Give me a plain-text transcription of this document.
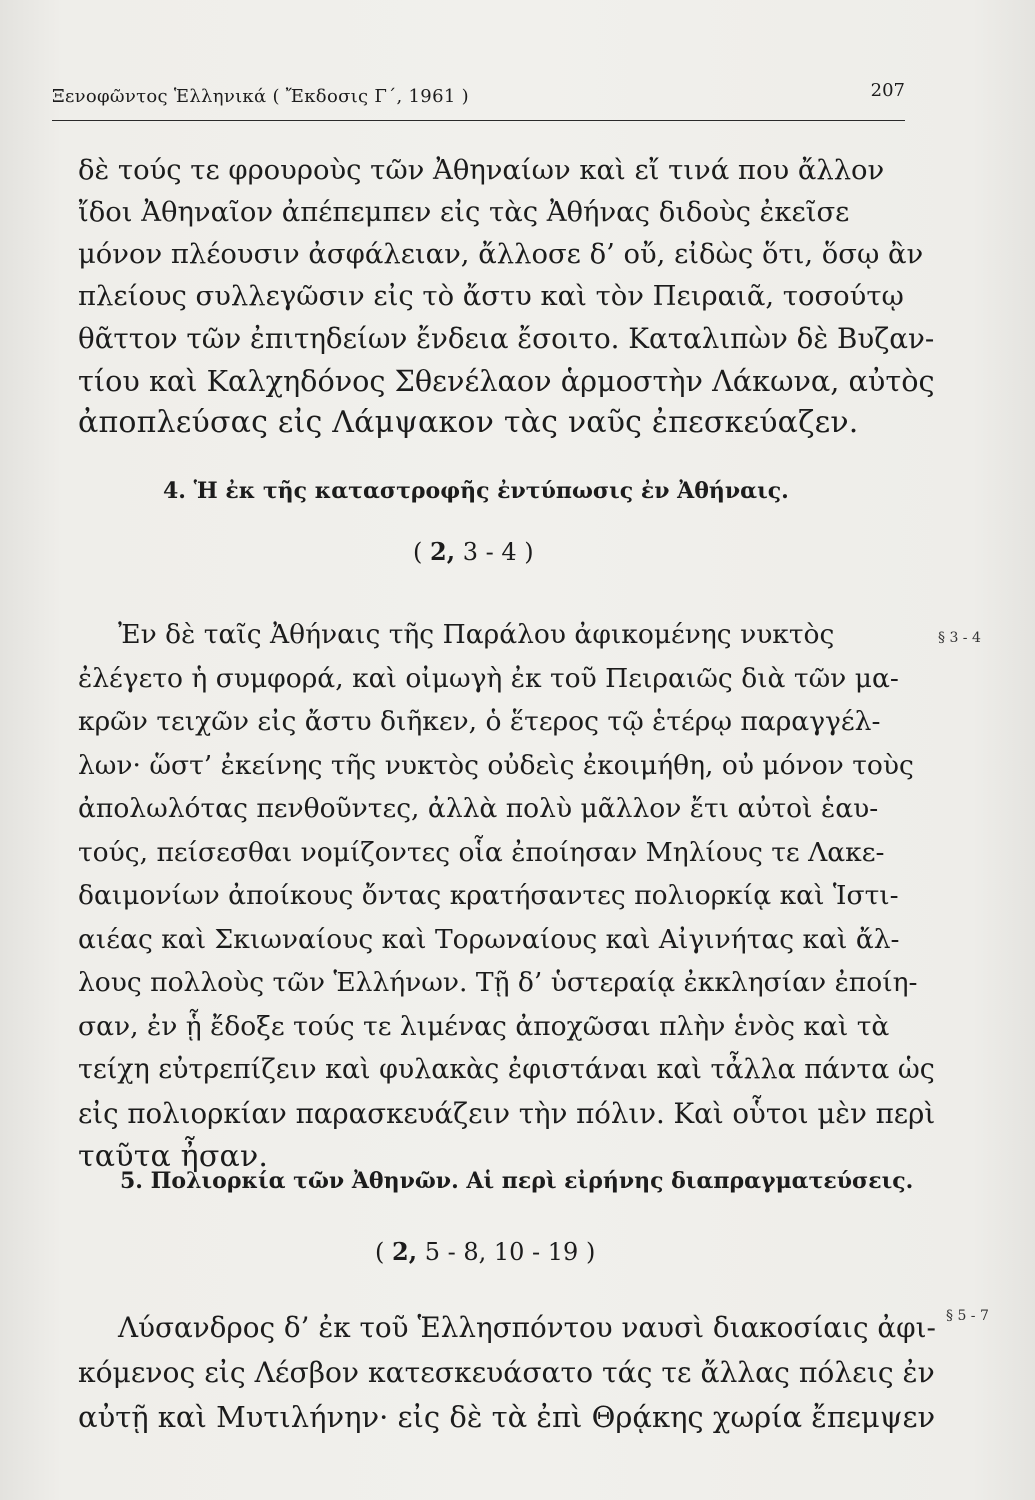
Ξενοφῶντος Ἑλληνικά ( Ἔκδοσις Γ΄, 1961 )	207
δὲ τούς τε φρουροὺς τῶν Ἀθηναίων καὶ εἴ τινά που ἄλλον
ἴδοι Ἀθηναῖον ἀπέπεμπεν εἰς τὰς Ἀθήνας διδοὺς ἐκεῖσε
μόνον πλέουσιν ἀσφάλειαν, ἄλλοσε δ’ οὔ, εἰδὼς ὅτι, ὅσῳ ἂν
πλείους συλλεγῶσιν εἰς τὸ ἄστυ καὶ τὸν Πειραιᾶ, τοσούτῳ
θᾶττον τῶν ἐπιτηδείων ἔνδεια ἔσοιτο. Καταλιπὼν δὲ Βυζαν-
τίου καὶ Καλχηδόνος Σθενέλαον ἁρμοστὴν Λάκωνα, αὐτὸς
ἀποπλεύσας εἰς Λάμψακον τὰς ναῦς ἐπεσκεύαζεν.
4. Ἡ ἐκ τῆς καταστροφῆς ἐντύπωσις ἐν Ἀθήναις.
( 2, 3 - 4 )
§ 3 - 4
Ἐν δὲ ταῖς Ἀθήναις τῆς Παράλου ἀφικομένης νυκτὸς
ἐλέγετο ἡ συμφορά, καὶ οἰμωγὴ ἐκ τοῦ Πειραιῶς διὰ τῶν μα-
κρῶν τειχῶν εἰς ἄστυ διῆκεν, ὁ ἕτερος τῷ ἑτέρῳ παραγγέλ-
λων· ὥστ’ ἐκείνης τῆς νυκτὸς οὐδεὶς ἐκοιμήθη, οὐ μόνον τοὺς
ἀπολωλότας πενθοῦντες, ἀλλὰ πολὺ μᾶλλον ἔτι αὐτοὶ ἑαυ-
τούς, πείσεσθαι νομίζοντες οἷα ἐποίησαν Μηλίους τε Λακε-
δαιμονίων ἀποίκους ὄντας κρατήσαντες πολιορκίᾳ καὶ Ἱστι-
αιέας καὶ Σκιωναίους καὶ Τορωναίους καὶ Αἰγινήτας καὶ ἄλ-
λους πολλοὺς τῶν Ἑλλήνων. Τῇ δ’ ὑστεραίᾳ ἐκκλησίαν ἐποίη-
σαν, ἐν ᾗ ἔδοξε τούς τε λιμένας ἀποχῶσαι πλὴν ἑνὸς καὶ τὰ
τείχη εὐτρεπίζειν καὶ φυλακὰς ἐφιστάναι καὶ τἆλλα πάντα ὡς
εἰς πολιορκίαν παρασκευάζειν τὴν πόλιν. Καὶ οὗτοι μὲν περὶ
ταῦτα ἦσαν.
5. Πολιορκία τῶν Ἀθηνῶν. Αἱ περὶ εἰρήνης διαπραγματεύσεις.
( 2, 5 - 8, 10 - 19 )
§ 5 - 7
Λύσανδρος δ’ ἐκ τοῦ Ἑλλησπόντου ναυσὶ διακοσίαις ἀφι-
κόμενος εἰς Λέσβον κατεσκευάσατο τάς τε ἄλλας πόλεις ἐν
αὐτῇ καὶ Μυτιλήνην· εἰς δὲ τὰ ἐπὶ Θρᾴκης χωρία ἔπεμψεν
